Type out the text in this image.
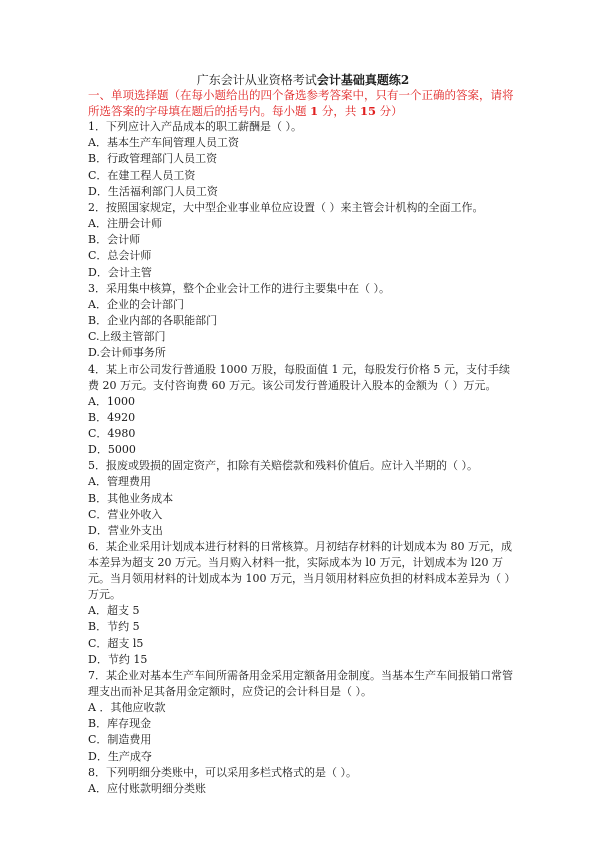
广东会计从业资格考试会计基础真题练2
一、单项选择题（在每小题给出的四个备选参考答案中，只有一个正确的答案，请将所选答案的字母填在题后的括号内。每小题 1 分，共 15 分）

1．下列应计入产品成本的职工薪酬是（ ）。

A．基本生产车间管理人员工资

B．行政管理部门人员工资

C．在建工程人员工资

D．生活福利部门人员工资

2．按照国家规定，大中型企业事业单位应设置（ ）来主管会计机构的全面工作。

A．注册会计师

B．会计师

C．总会计师

D．会计主管

3．采用集中核算，整个企业会计工作的进行主要集中在（ ）。

A．企业的会计部门

B．企业内部的各职能部门

C.上级主管部门

D.会计师事务所

4．某上市公司发行普通股 1000 万股，每股面值 1 元，每股发行价格 5 元，支付手续费 20 万元。支付咨询费 60 万元。该公司发行普通股计入股本的金额为（ ）万元。

A．1000

B．4920

C．4980

D．5000

5．报废或毁损的固定资产，扣除有关赔偿款和残料价值后。应计入半期的（ ）。

A．管理费用

B．其他业务成本

C．营业外收入

D．营业外支出

6．某企业采用计划成本进行材料的日常核算。月初结存材料的计划成本为 80 万元，成本差异为超支 20 万元。当月购入材料一批，实际成本为 l0 万元，计划成本为 l20 万元。当月领用材料的计划成本为 100 万元，当月领用材料应负担的材料成本差异为（ ）万元。

A．超支 5

B．节约 5

C．超支 l5

D．节约 15

7．某企业对基本生产车间所需备用金采用定额备用金制度。当基本生产车间报销口常管理支出而补足其备用金定额时，应贷记的会计科目是（ ）。

A ．其他应收款

B．库存现金

C．制造费用

D．生产成夺

8．下列明细分类账中，可以采用多栏式格式的是（ ）。

A．应付账款明细分类账
